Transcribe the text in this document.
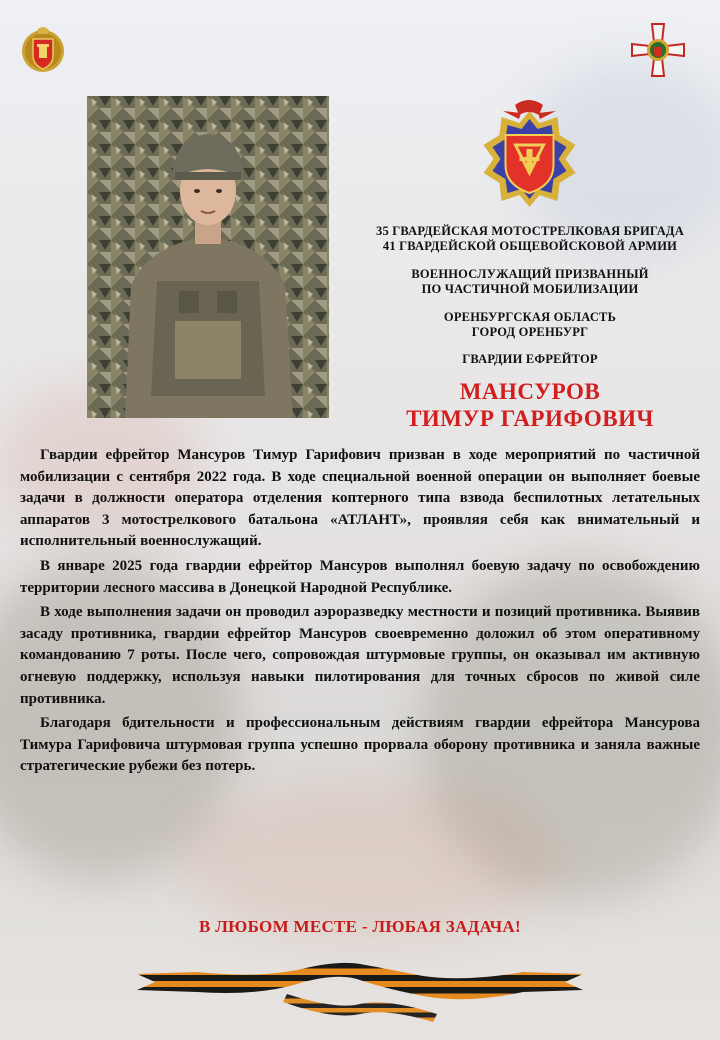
35 ГВАРДЕЙСКАЯ МОТОСТРЕЛКОВАЯ БРИГАДА
41 ГВАРДЕЙСКОЙ ОБЩЕВОЙСКОВОЙ АРМИИ
ВОЕННОСЛУЖАЩИЙ ПРИЗВАННЫЙ
ПО ЧАСТИЧНОЙ МОБИЛИЗАЦИИ
ОРЕНБУРГСКАЯ ОБЛАСТЬ
ГОРОД ОРЕНБУРГ
ГВАРДИИ ЕФРЕЙТОР
МАНСУРОВ
ТИМУР ГАРИФОВИЧ

Гвардии ефрейтор Мансуров Тимур Гарифович призван в ходе мероприятий по частичной мобилизации с сентября 2022 года. В ходе специальной военной операции он выполняет боевые задачи в должности оператора отделения коптерного типа взвода беспилотных летательных аппаратов 3 мотострелкового батальона «АТЛАНТ», проявляя себя как внимательный и исполнительный военнослужащий.

В январе 2025 года гвардии ефрейтор Мансуров выполнял боевую задачу по освобождению территории лесного массива в Донецкой Народной Республике.

В ходе выполнения задачи он проводил аэроразведку местности и позиций противника. Выявив засаду противника, гвардии ефрейтор Мансуров своевременно доложил об этом оперативному командованию 7 роты. После чего, сопровождая штурмовые группы, он оказывал им активную огневую поддержку, используя навыки пилотирования для точных сбросов по живой силе противника.

Благодаря бдительности и профессиональным действиям гвардии ефрейтора Мансурова Тимура Гарифовича штурмовая группа успешно прорвала оборону противника и заняла важные стратегические рубежи без потерь.

В ЛЮБОМ МЕСТЕ - ЛЮБАЯ ЗАДАЧА!
